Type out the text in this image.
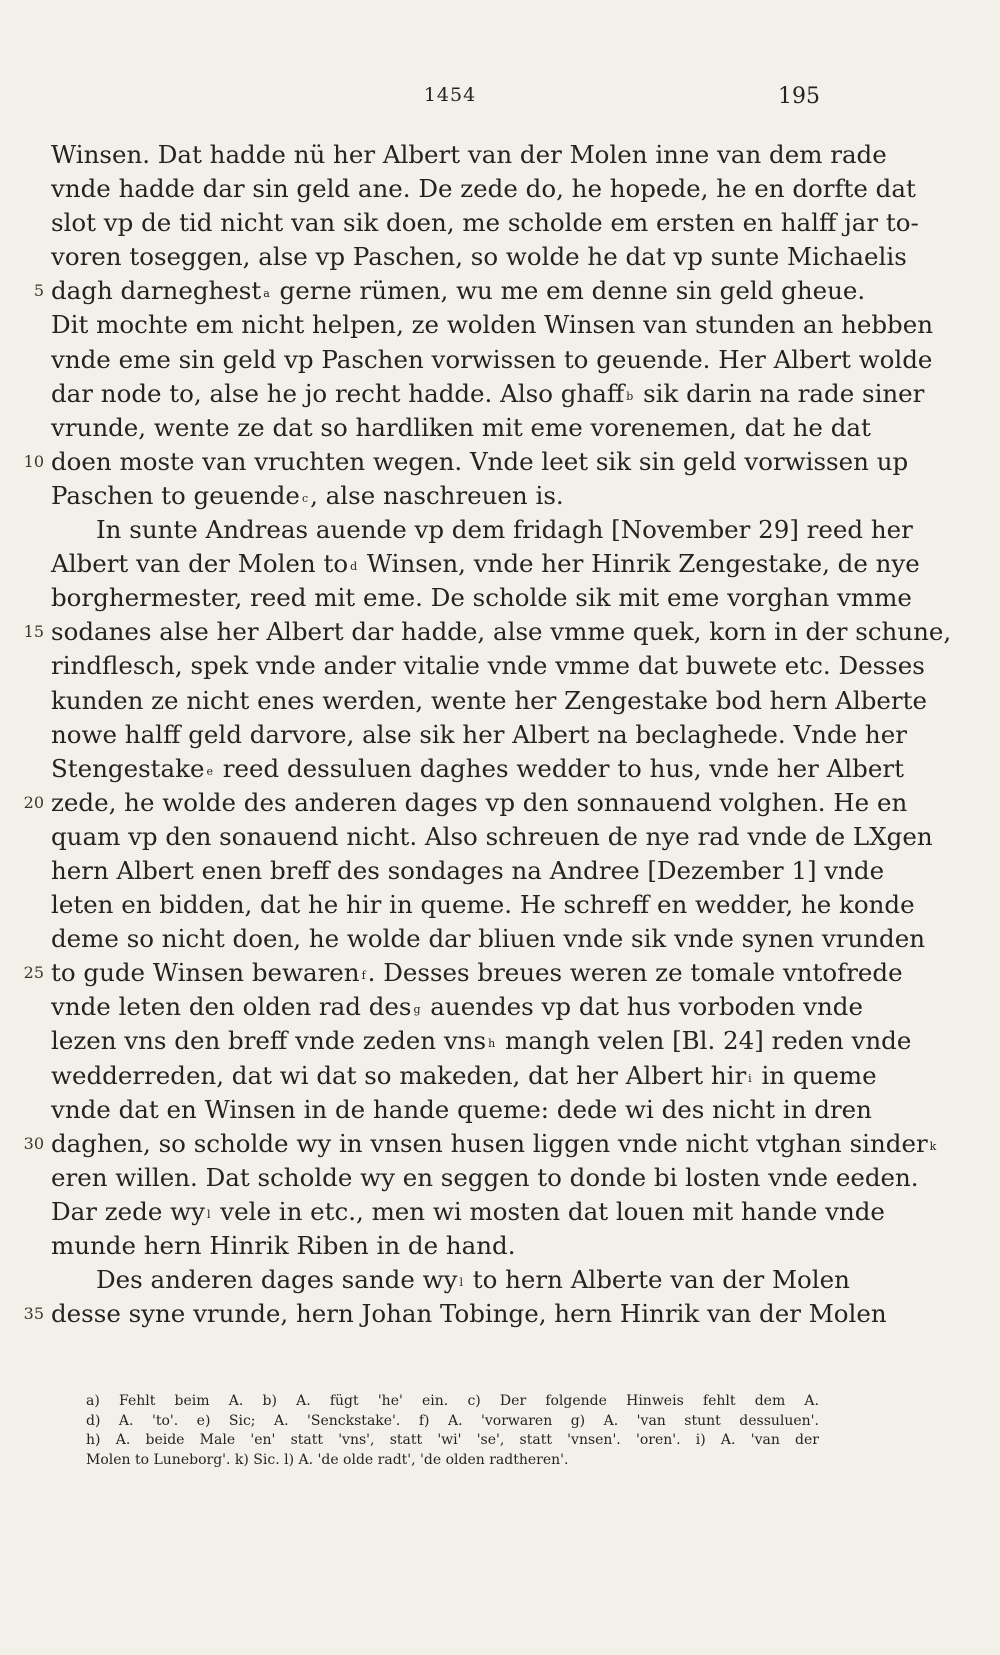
1454	195
Winsen. Dat hadde nü her Albert van der Molen inne van dem rade
vnde hadde dar sin geld ane. De zede do, he hopede, he en dorfte dat
slot vp de tid nicht van sik doen, me scholde em ersten en halff jar to-
voren tosеggen, alse vp Paschen, so wolde he dat vp sunte Michaelis
5 dagh darneghest a gerne rümen, wu me em denne sin geld gheue.
Dit mochte em nicht helpen, ze wolden Winsen van stunden an hebben
vnde eme sin geld vp Paschen vorwissen to geuende. Her Albert wolde
dar node to, alse he jo recht hadde. Also ghaff b sik darin na rade siner
vrunde, wente ze dat so hardliken mit eme vorenemen, dat he dat
10 doen moste van vruchten wegen. Vnde leet sik sin geld vorwissen up
Paschen to geuende c, alse naschreuen is.
In sunte Andreas auende vp dem fridagh [November 29] reed her
Albert van der Molen to d Winsen, vnde her Hinrik Zengestake, de nye
borghermester, reed mit eme. De scholde sik mit eme vorghan vmme
15 sodanes alse her Albert dar hadde, alse vmme quek, korn in der schune,
rindflesch, spek vnde ander vitalie vnde vmme dat buwete etc. Desses
kunden ze nicht enes werden, wente her Zengestake bod hern Alberte
nowe halff geld darvore, alse sik her Albert na beclaghede. Vnde her
Stengestake e reed dessuluen daghes wedder to hus, vnde her Albert
20 zede, he wolde des anderen dages vp den sonnauend volghen. He en
quam vp den sonauend nicht. Also schreuen de nye rad vnde de LXgen
hern Albert enen breff des sondages na Andree [Dezember 1] vnde
leten en bidden, dat he hir in queme. He schreff en wedder, he konde
deme so nicht doen, he wolde dar bliuen vnde sik vnde synen vrunden
25 to gude Winsen bewaren f. Desses breues weren ze tomale vntofrede
vnde leten den olden rad des g auendes vp dat hus vorboden vnde
lezen vns den breff vnde zeden vns h mangh velen [Bl. 24] reden vnde
wedderreden, dat wi dat so makeden, dat her Albert hir i in queme
vnde dat en Winsen in de hande queme: dede wi des nicht in dren
30 daghen, so scholde wy in vnsen husen liggen vnde nicht vtghan sinder k
eren willen. Dat scholde wy en seggen to donde bi losten vnde eeden.
Dar zede wy l vele in etc., men wi mosten dat louen mit hande vnde
munde hern Hinrik Riben in de hand.
Des anderen dages sande wy l to hern Alberte van der Molen
35 desse syne vrunde, hern Johan Tobinge, hern Hinrik van der Molen
a) Fehlt beim A. b) A. fügt 'he' ein. c) Der folgende Hinweis fehlt dem A.
d) A. 'to'. e) Sic; A. 'Senckstake'. f) A. 'vorwaren g) A. 'van stunt dessuluen'.
h) A. beide Male 'en' statt 'vns', statt 'wi' 'se', statt 'vnsen'. 'oren'. i) A. 'van der
Molen to Luneborg'. k) Sic. l) A. 'de olde radt', 'de olden radtheren'.
